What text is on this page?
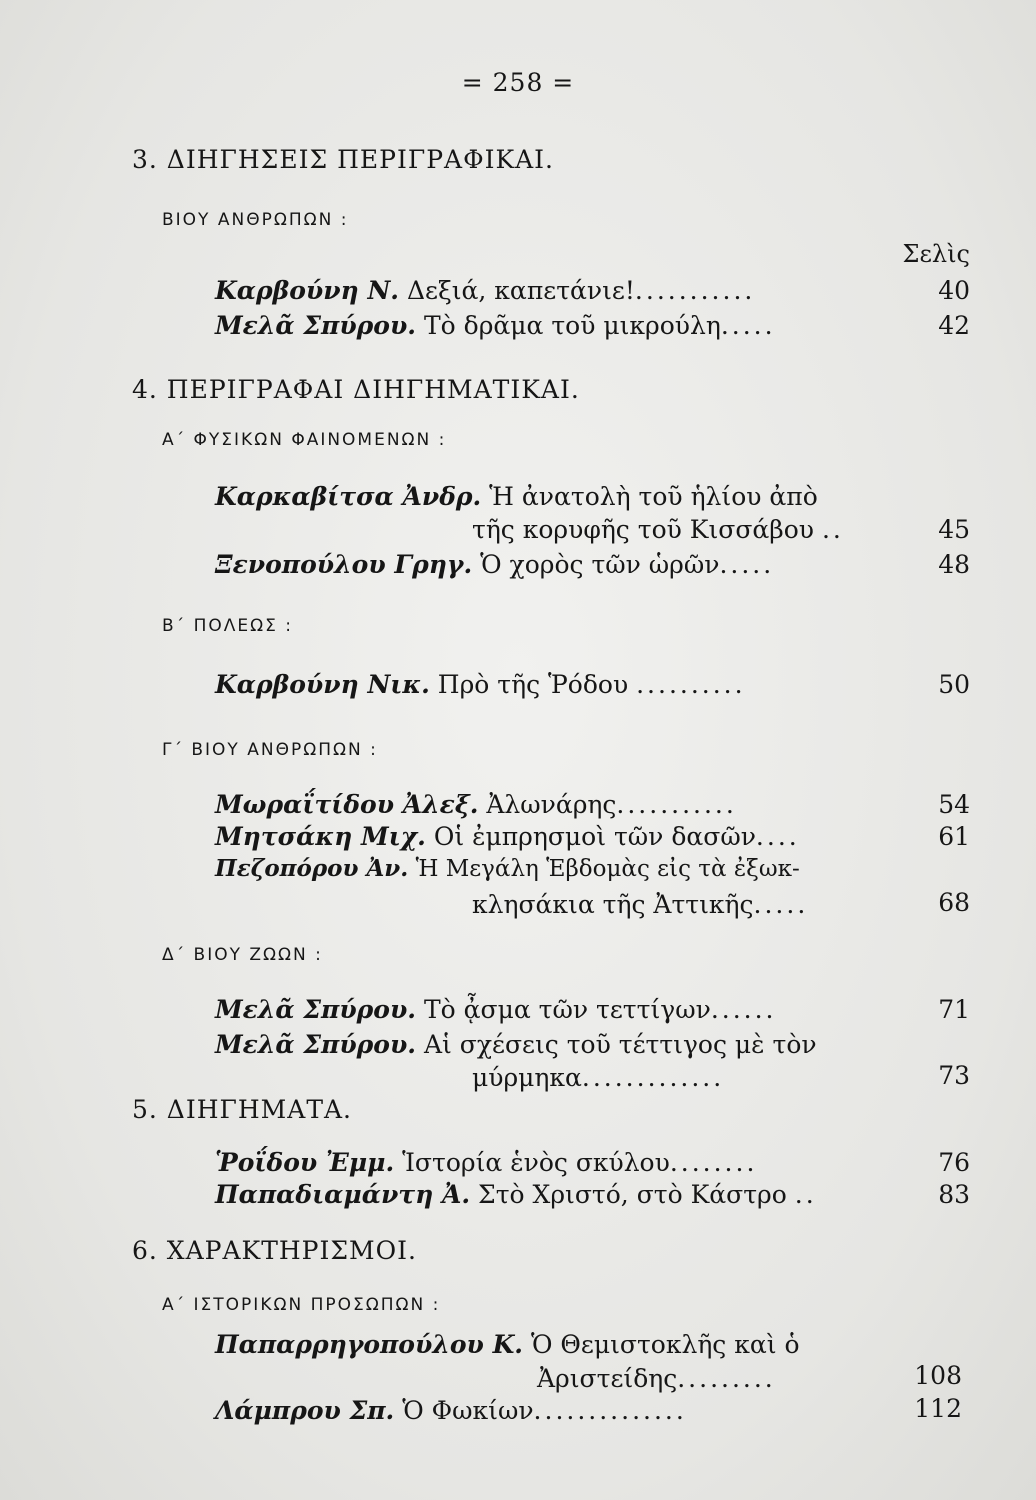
= 258 =
3. ΔΙΗΓΗΣΕΙΣ ΠΕΡΙΓΡΑΦΙΚΑΙ.
ΒΙΟΥ ΑΝΘΡΩΠΩΝ :
Σελὶς
Καρβούνη Ν. Δεξιά, καπετάνιε!...........	40
Μελᾶ Σπύρου. Τὸ δρᾶμα τοῦ μικρούλη.....	42
4. ΠΕΡΙΓΡΑΦΑΙ ΔΙΗΓΗΜΑΤΙΚΑΙ.
Α΄ ΦΥΣΙΚΩΝ ΦΑΙΝΟΜΕΝΩΝ :
Καρκαβίτσα Ἀνδρ. Ἡ ἀνατολὴ τοῦ ἡλίου ἀπὸ
τῆς κορυφῆς τοῦ Κισσάβου ..	45
Ξενοπούλου Γρηγ. Ὁ χορὸς τῶν ὡρῶν.....	48
Β΄ ΠΟΛΕΩΣ :
Καρβούνη Νικ. Πρὸ τῆς Ῥόδου ..........	50
Γ΄ ΒΙΟΥ ΑΝΘΡΩΠΩΝ :
Μωραΐτίδου Ἀλεξ. Ἀλωνάρης...........	54
Μητσάκη Μιχ. Οἱ ἐμπρησμοὶ τῶν δασῶν....	61
Πεζοπόρου Ἀν. Ἡ Μεγάλη Ἑβδομὰς εἰς τὰ ἐξωκ-
κλησάκια τῆς Ἀττικῆς.....	68
Δ΄ ΒΙΟΥ ΖΩΩΝ :
Μελᾶ Σπύρου. Τὸ ᾆσμα τῶν τεττίγων......	71
Μελᾶ Σπύρου. Αἱ σχέσεις τοῦ τέττιγος μὲ τὸν
μύρμηκα.............	73
5. ΔΙΗΓΗΜΑΤΑ.
Ῥοΐδου Ἐμμ. Ἱστορία ἑνὸς σκύλου........	76
Παπαδιαμάντη Ἀ. Στὸ Χριστό, στὸ Κάστρο ..	83
6. ΧΑΡΑΚΤΗΡΙΣΜΟΙ.
Α΄ ΙΣΤΟΡΙΚΩΝ ΠΡΟΣΩΠΩΝ :
Παπαρρηγοπούλου Κ. Ὁ Θεμιστοκλῆς καὶ ὁ
Ἀριστείδης.........	108
Λάμπρου Σπ. Ὁ Φωκίων..............	112
